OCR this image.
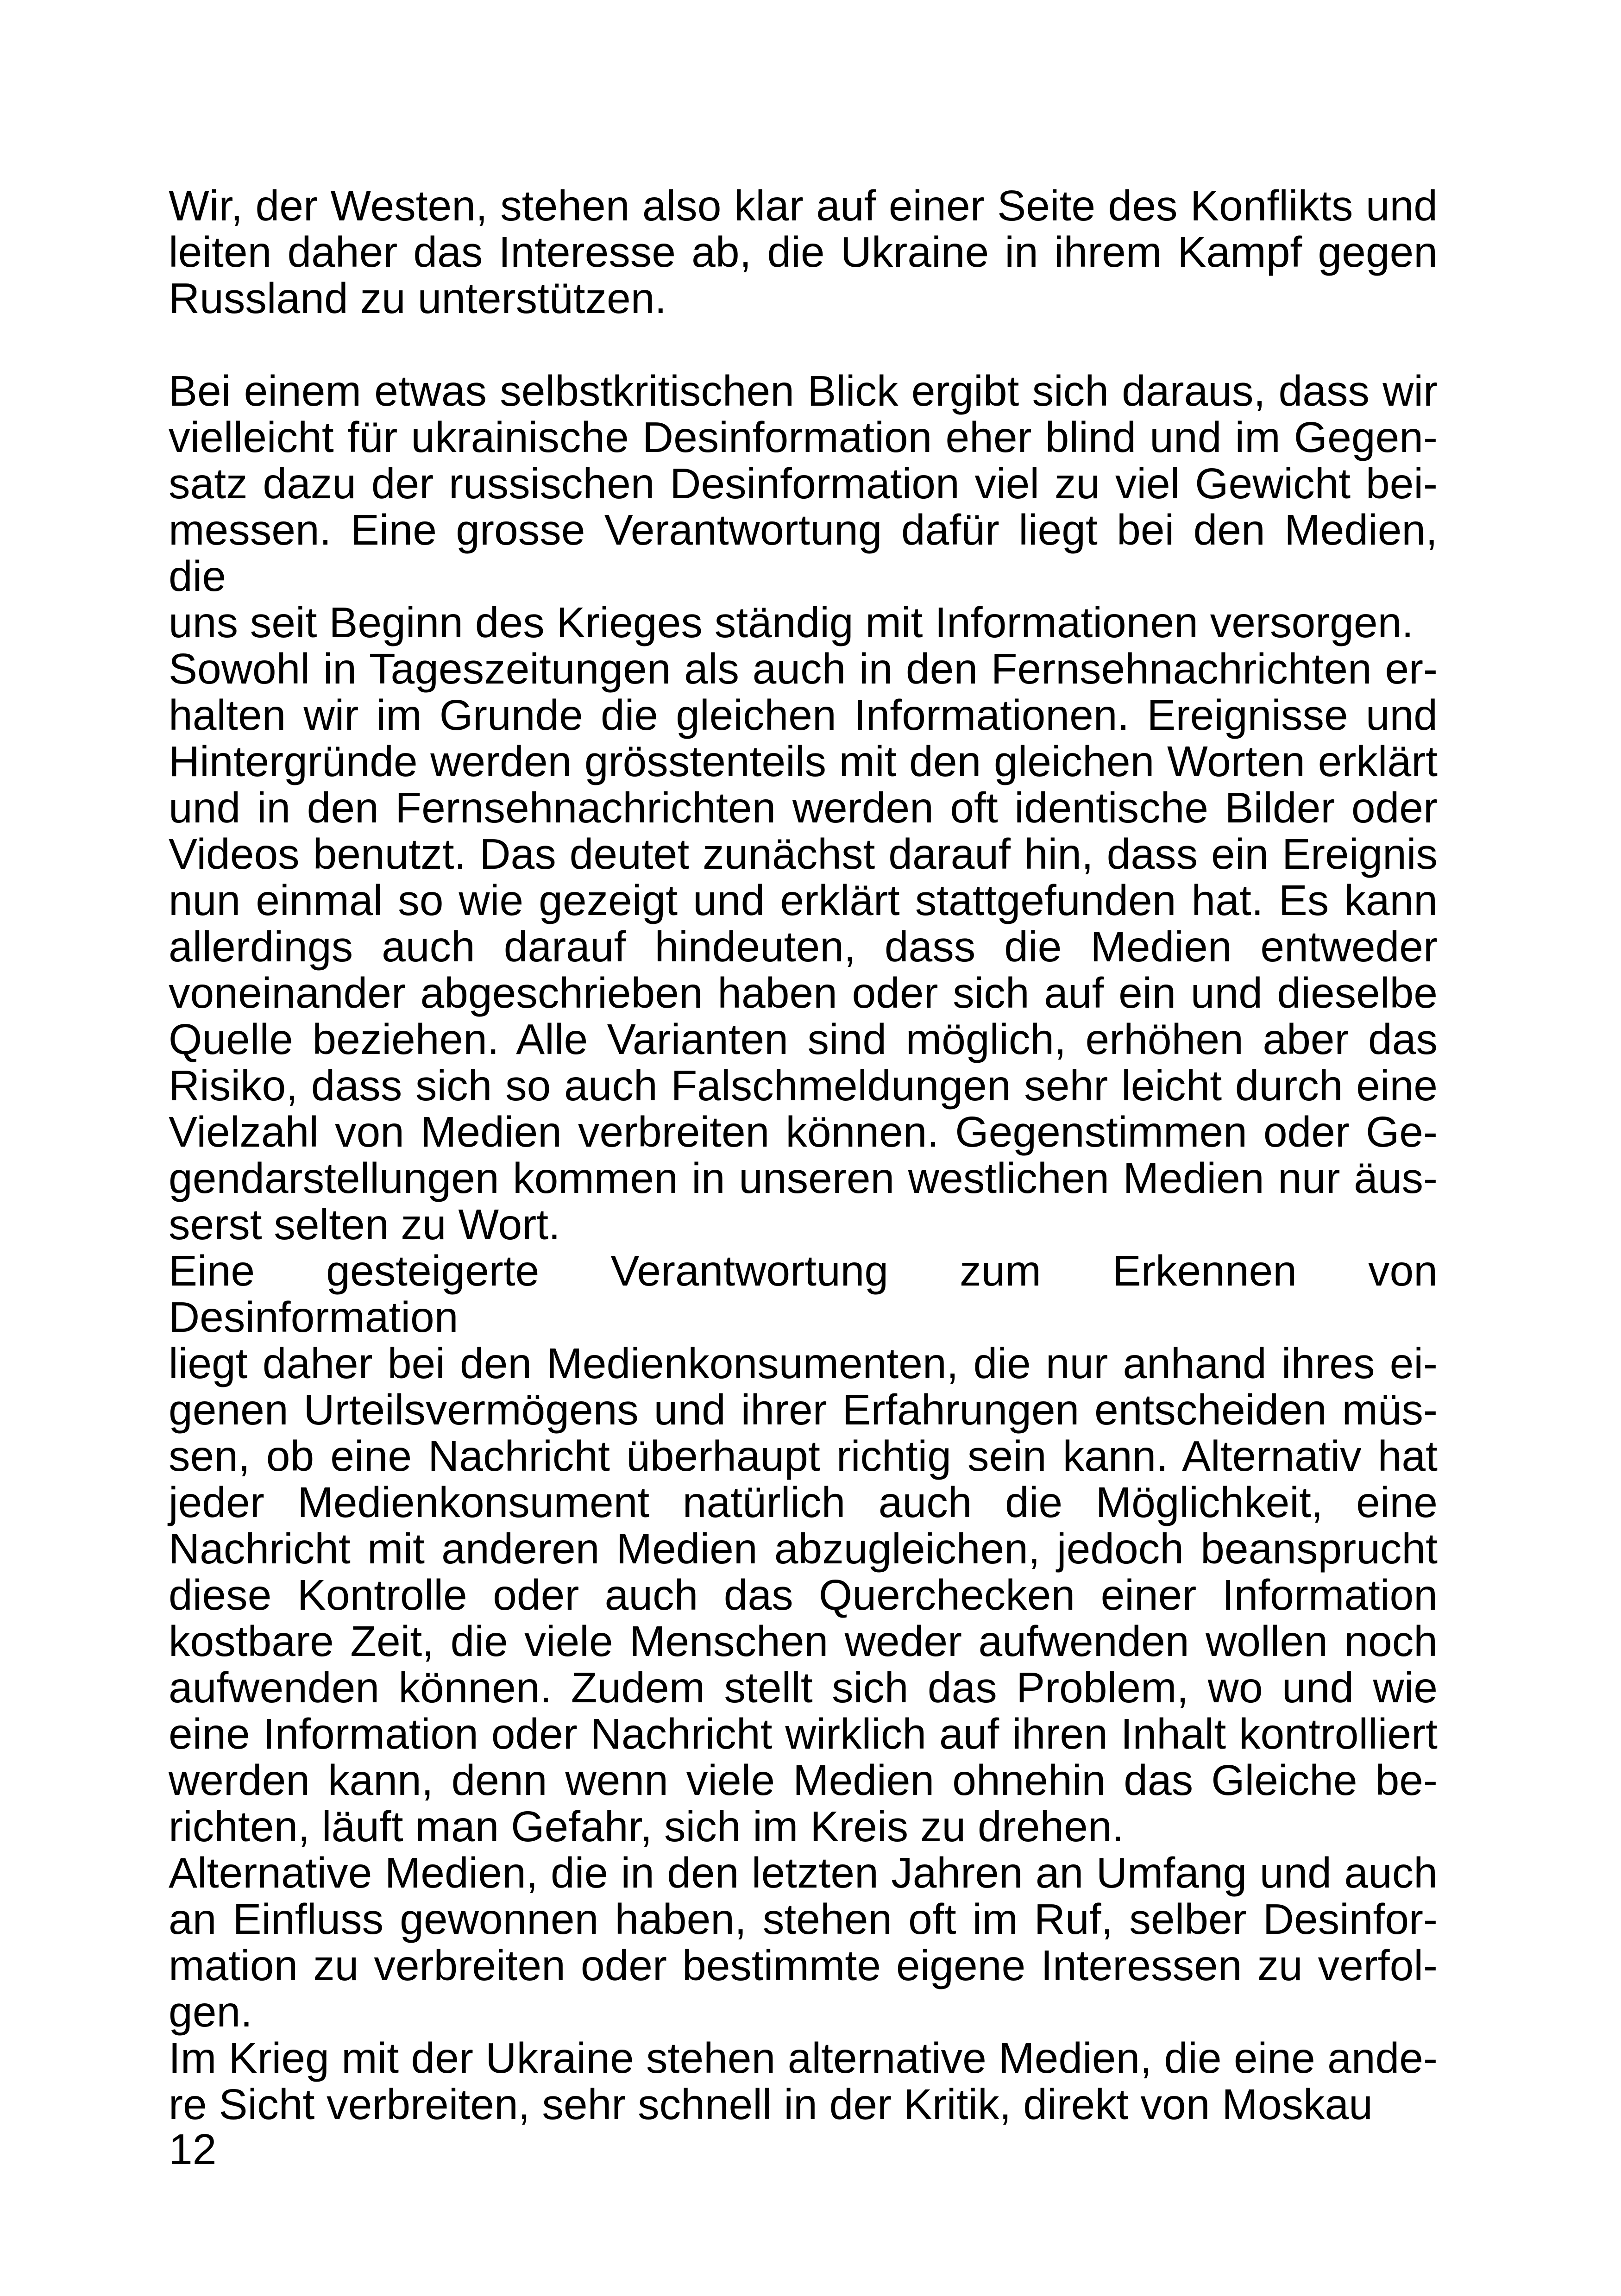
Wir, der Westen, stehen also klar auf einer Seite des Konflikts und
leiten daher das Interesse ab, die Ukraine in ihrem Kampf gegen
Russland zu unterstützen.
Bei einem etwas selbstkritischen Blick ergibt sich daraus, dass wir
vielleicht für ukrainische Desinformation eher blind und im Gegen-
satz dazu der russischen Desinformation viel zu viel Gewicht bei-
messen. Eine grosse Verantwortung dafür liegt bei den Medien, die
uns seit Beginn des Krieges ständig mit Informationen versorgen.
Sowohl in Tageszeitungen als auch in den Fernsehnachrichten er-
halten wir im Grunde die gleichen Informationen. Ereignisse und
Hintergründe werden grösstenteils mit den gleichen Worten erklärt
und in den Fernsehnachrichten werden oft identische Bilder oder
Videos benutzt. Das deutet zunächst darauf hin, dass ein Ereignis
nun einmal so wie gezeigt und erklärt stattgefunden hat. Es kann
allerdings auch darauf hindeuten, dass die Medien entweder
voneinander abgeschrieben haben oder sich auf ein und dieselbe
Quelle beziehen. Alle Varianten sind möglich, erhöhen aber das
Risiko, dass sich so auch Falschmeldungen sehr leicht durch eine
Vielzahl von Medien verbreiten können. Gegenstimmen oder Ge-
gendarstellungen kommen in unseren westlichen Medien nur äus-
serst selten zu Wort.
Eine gesteigerte Verantwortung zum Erkennen von Desinformation
liegt daher bei den Medienkonsumenten, die nur anhand ihres ei-
genen Urteilsvermögens und ihrer Erfahrungen entscheiden müs-
sen, ob eine Nachricht überhaupt richtig sein kann. Alternativ hat
jeder Medienkonsument natürlich auch die Möglichkeit, eine
Nachricht mit anderen Medien abzugleichen, jedoch beansprucht
diese Kontrolle oder auch das Querchecken einer Information
kostbare Zeit, die viele Menschen weder aufwenden wollen noch
aufwenden können. Zudem stellt sich das Problem, wo und wie
eine Information oder Nachricht wirklich auf ihren Inhalt kontrolliert
werden kann, denn wenn viele Medien ohnehin das Gleiche be-
richten, läuft man Gefahr, sich im Kreis zu drehen.
Alternative Medien, die in den letzten Jahren an Umfang und auch
an Einfluss gewonnen haben, stehen oft im Ruf, selber Desinfor-
mation zu verbreiten oder bestimmte eigene Interessen zu verfol-
gen.
Im Krieg mit der Ukraine stehen alternative Medien, die eine ande-
re Sicht verbreiten, sehr schnell in der Kritik, direkt von Moskau
12
